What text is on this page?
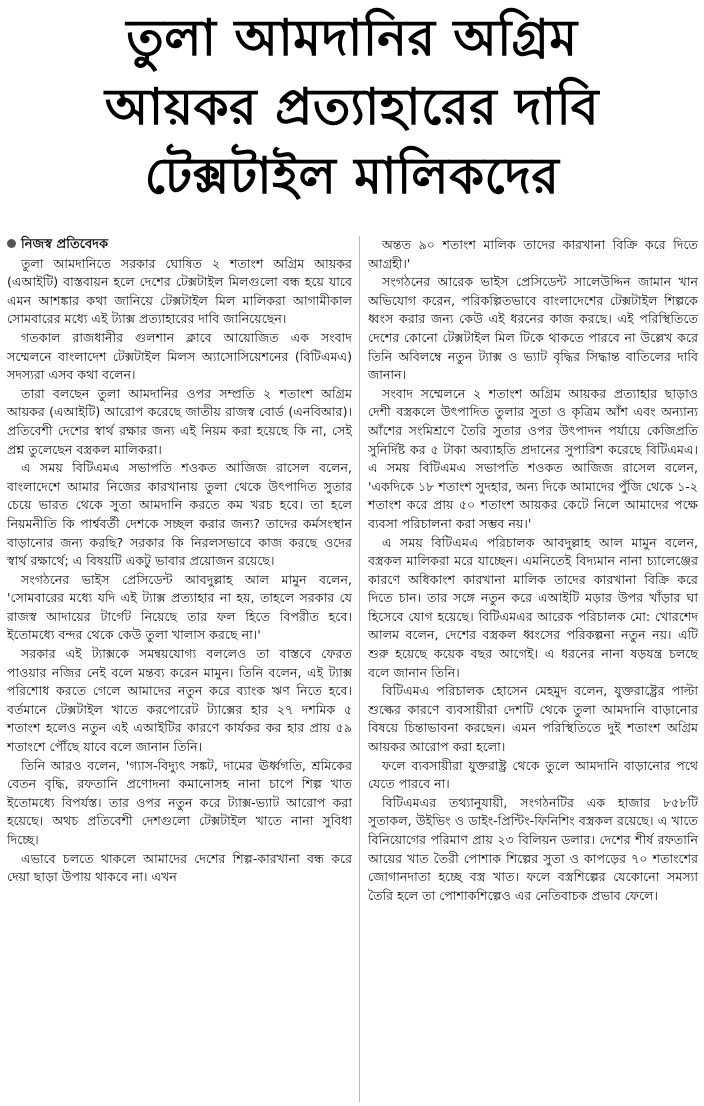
তুলা আমদানির অগ্রিম
আয়কর প্রত্যাহারের দাবি
টেক্সটাইল মালিকদের
নিজস্ব প্রতিবেদক

তুলা আমদানিতে সরকার ঘোষিত ২ শতাংশ অগ্রিম আয়কর (এআইটি) বাস্তবায়ন হলে দেশের টেক্সটাইল মিলগুলো বন্ধ হয়ে যাবে এমন আশঙ্কার কথা জানিয়ে টেক্সটাইল মিল মালিকরা আগামীকাল সোমবারের মধ্যে এই ট্যাক্স প্রত্যাহারের দাবি জানিয়েছেন।

গতকাল রাজধানীর গুলশান ক্লাবে আয়োজিত এক সংবাদ সম্মেলনে বাংলাদেশ টেক্সটাইল মিলস অ্যাসোসিয়েশনের (বিটিএমএ) সদস্যরা এসব কথা বলেন।

তারা বলছেন তুলা আমদানির ওপর সম্প্রতি ২ শতাংশ অগ্রিম আয়কর (এআইটি) আরোপ করেছে জাতীয় রাজস্ব বোর্ড (এনবিআর)। প্রতিবেশী দেশের স্বার্থ রক্ষার জন্য এই নিয়ম করা হয়েছে কি না, সেই প্রশ্ন তুলেছেন বস্ত্রকল মালিকরা।

এ সময় বিটিএমএ সভাপতি শওকত আজিজ রাসেল বলেন, বাংলাদেশে আমার নিজের কারখানায় তুলা থেকে উৎপাদিত সুতার চেয়ে ভারত থেকে সুতা আমদানি করতে কম খরচ হবে। তা হলে নিয়মনীতি কি পার্শ্ববর্তী দেশকে সচ্ছল করার জন্য? তাদের কর্মসংস্থান বাড়ানোর জন্য করছি? সরকার কি নিরলসভাবে কাজ করছে ওদের স্বার্থ রক্ষার্থে; এ বিষয়টি একটু ভাবার প্রয়োজন রয়েছে।

সংগঠনের ভাইস প্রেসিডেন্ট আবদুল্লাহ আল মামুন বলেন, 'সোমবারের মধ্যে যদি এই ট্যাক্স প্রত্যাহার না হয়, তাহলে সরকার যে রাজস্ব আদায়ের টার্গেট নিয়েছে তার ফল হিতে বিপরীত হবে। ইতোমধ্যে বন্দর থেকে কেউ তুলা খালাস করছে না।'

সরকার এই ট্যাক্সকে সমন্বয়যোগ্য বললেও তা বাস্তবে ফেরত পাওয়ার নজির নেই বলে মন্তব্য করেন মামুন। তিনি বলেন, এই ট্যাক্স পরিশোধ করতে গেলে আমাদের নতুন করে ব্যাংক ঋণ নিতে হবে। বর্তমানে টেক্সটাইল খাতে করপোরেট ট্যাক্সের হার ২৭ দশমিক ৫ শতাংশ হলেও নতুন এই এআইটির কারণে কার্যকর কর হার প্রায় ৫৯ শতাংশে পৌঁছে যাবে বলে জানান তিনি।

তিনি আরও বলেন, 'গ্যাস-বিদ্যুৎ সঙ্কট, দামের ঊর্ধ্বগতি, শ্রমিকের বেতন বৃদ্ধি, রফতানি প্রণোদনা কমানোসহ নানা চাপে শিল্প খাত ইতোমধ্যে বিপর্যস্ত। তার ওপর নতুন করে ট্যাক্স-ভ্যাট আরোপ করা হয়েছে। অথচ প্রতিবেশী দেশগুলো টেক্সটাইল খাতে নানা সুবিধা দিচ্ছে।

এভাবে চলতে থাকলে আমাদের দেশের শিল্প-কারখানা বন্ধ করে দেয়া ছাড়া উপায় থাকবে না। এখন

অন্তত ৯০ শতাংশ মালিক তাদের কারখানা বিক্রি করে দিতে আগ্রহী।'

সংগঠনের আরেক ভাইস প্রেসিডেন্ট সালেউদ্দিন জামান খান অভিযোগ করেন, পরিকল্পিতভাবে বাংলাদেশের টেক্সটাইল শিল্পকে ধ্বংস করার জন্য কেউ এই ধরনের কাজ করছে। এই পরিস্থিতিতে দেশের কোনো টেক্সটাইল মিল টিকে থাকতে পারবে না উল্লেখ করে তিনি অবিলম্বে নতুন ট্যাক্স ও ভ্যাট বৃদ্ধির সিদ্ধান্ত বাতিলের দাবি জানান।

সংবাদ সম্মেলনে ২ শতাংশ অগ্রিম আয়কর প্রত্যাহার ছাড়াও দেশী বস্ত্রকলে উৎপাদিত তুলার সুতা ও কৃত্রিম আঁশ এবং অন্যান্য আঁশের সংমিশ্রণে তৈরি সুতার ওপর উৎপাদন পর্যায়ে কেজিপ্রতি সুনির্দিষ্ট কর ৫ টাকা অব্যাহতি প্রদানের সুপারিশ করেছে বিটিএমএ। এ সময় বিটিএমএ সভাপতি শওকত আজিজ রাসেল বলেন, 'একদিকে ১৮ শতাংশ সুদহার, অন্য দিকে আমাদের পুঁজি থেকে ১-২ শতাংশ করে প্রায় ৫০ শতাংশ আয়কর কেটে নিলে আমাদের পক্ষে ব্যবসা পরিচালনা করা সম্ভব নয়।'

এ সময় বিটিএমএ পরিচালক আবদুল্লাহ আল মামুন বলেন, বস্ত্রকল মালিকরা মরে যাচ্ছেন। এমনিতেই বিদ্যমান নানা চ্যালেঞ্জের কারণে অধিকাংশ কারখানা মালিক তাদের কারখানা বিক্রি করে দিতে চান। তার সঙ্গে নতুন করে এআইটি মড়ার উপর খাঁড়ার ঘা হিসেবে যোগ হয়েছে। বিটিএমএর আরেক পরিচালক মো: খোরশেদ আলম বলেন, দেশের বস্ত্রকল ধ্বংসের পরিকল্পনা নতুন নয়। এটি শুরু হয়েছে কয়েক বছর আগেই। এ ধরনের নানা ষড়যন্ত্র চলছে বলে জানান তিনি।

বিটিএমএ পরিচালক হোসেন মেহমুদ বলেন, যুক্তরাষ্ট্রের পাল্টা শুল্কের কারণে ব্যবসায়ীরা দেশটি থেকে তুলা আমদানি বাড়ানোর বিষয়ে চিন্তাভাবনা করছেন। এমন পরিস্থিতিতে দুই শতাংশ অগ্রিম আয়কর আরোপ করা হলো।

ফলে ব্যবসায়ীরা যুক্তরাষ্ট্র থেকে তুলে আমদানি বাড়ানোর পথে যেতে পারবে না।

বিটিএমএর তথ্যানুযায়ী, সংগঠনটির এক হাজার ৮৫৮টি সুতাকল, উইভিং ও ডাইং-প্রিন্টিং-ফিনিশিং বস্ত্রকল রয়েছে। এ খাতে বিনিয়োগের পরিমাণ প্রায় ২৩ বিলিয়ন ডলার। দেশের শীর্ষ রফতানি আয়ের খাত তৈরী পোশাক শিল্পের সুতা ও কাপড়ের ৭০ শতাংশের জোগানদাতা হচ্ছে বস্ত্র খাত। ফলে বস্ত্রশিল্পের যেকোনো সমস্যা তৈরি হলে তা পোশাকশিল্পেও এর নেতিবাচক প্রভাব ফেলে।
